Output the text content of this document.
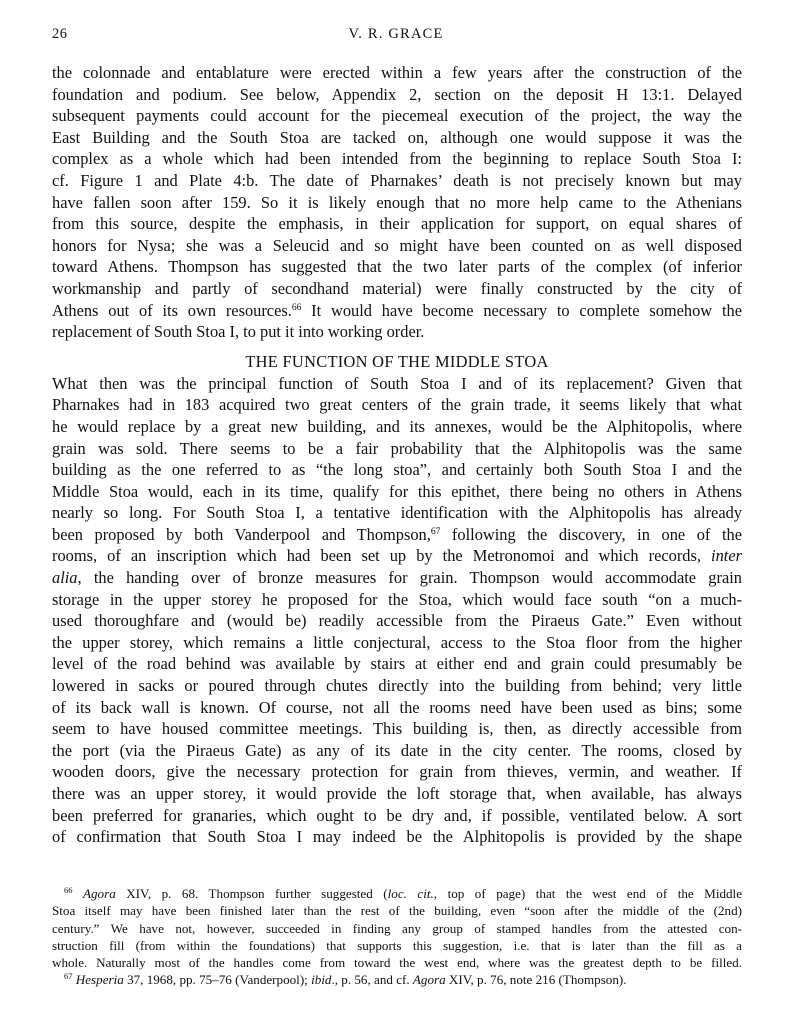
26	V. R. GRACE
the colonnade and entablature were erected within a few years after the construction of the
foundation and podium. See below, Appendix 2, section on the deposit H 13:1. Delayed
subsequent payments could account for the piecemeal execution of the project, the way the
East Building and the South Stoa are tacked on, although one would suppose it was the
complex as a whole which had been intended from the beginning to replace South Stoa I:
cf. Figure 1 and Plate 4:b. The date of Pharnakes’ death is not precisely known but may
have fallen soon after 159. So it is likely enough that no more help came to the Athenians
from this source, despite the emphasis, in their application for support, on equal shares of
honors for Nysa; she was a Seleucid and so might have been counted on as well disposed
toward Athens. Thompson has suggested that the two later parts of the complex (of inferior
workmanship and partly of secondhand material) were finally constructed by the city of
Athens out of its own resources.$^{66}$ It would have become necessary to complete somehow the
replacement of South Stoa I, to put it into working order.
THE FUNCTION OF THE MIDDLE STOA
What then was the principal function of South Stoa I and of its replacement? Given that
Pharnakes had in 183 acquired two great centers of the grain trade, it seems likely that what
he would replace by a great new building, and its annexes, would be the Alphitopolis, where
grain was sold. There seems to be a fair probability that the Alphitopolis was the same
building as the one referred to as “the long stoa”, and certainly both South Stoa I and the
Middle Stoa would, each in its time, qualify for this epithet, there being no others in Athens
nearly so long. For South Stoa I, a tentative identification with the Alphitopolis has already
been proposed by both Vanderpool and Thompson,$^{67}$ following the discovery, in one of the
rooms, of an inscription which had been set up by the Metronomoi and which records, inter
alia, the handing over of bronze measures for grain. Thompson would accommodate grain
storage in the upper storey he proposed for the Stoa, which would face south “on a much-
used thoroughfare and (would be) readily accessible from the Piraeus Gate.” Even without
the upper storey, which remains a little conjectural, access to the Stoa floor from the higher
level of the road behind was available by stairs at either end and grain could presumably be
lowered in sacks or poured through chutes directly into the building from behind; very little
of its back wall is known. Of course, not all the rooms need have been used as bins; some
seem to have housed committee meetings. This building is, then, as directly accessible from
the port (via the Piraeus Gate) as any of its date in the city center. The rooms, closed by
wooden doors, give the necessary protection for grain from thieves, vermin, and weather. If
there was an upper storey, it would provide the loft storage that, when available, has always
been preferred for granaries, which ought to be dry and, if possible, ventilated below. A sort
of confirmation that South Stoa I may indeed be the Alphitopolis is provided by the shape
$^{66}$ Agora XIV, p. 68. Thompson further suggested (loc. cit., top of page) that the west end of the Middle
Stoa itself may have been finished later than the rest of the building, even “soon after the middle of the (2nd)
century.” We have not, however, succeeded in finding any group of stamped handles from the attested con-
struction fill (from within the foundations) that supports this suggestion, i.e. that is later than the fill as a
whole. Naturally most of the handles come from toward the west end, where was the greatest depth to be filled.
$^{67}$ Hesperia 37, 1968, pp. 75–76 (Vanderpool); ibid., p. 56, and cf. Agora XIV, p. 76, note 216 (Thompson).
